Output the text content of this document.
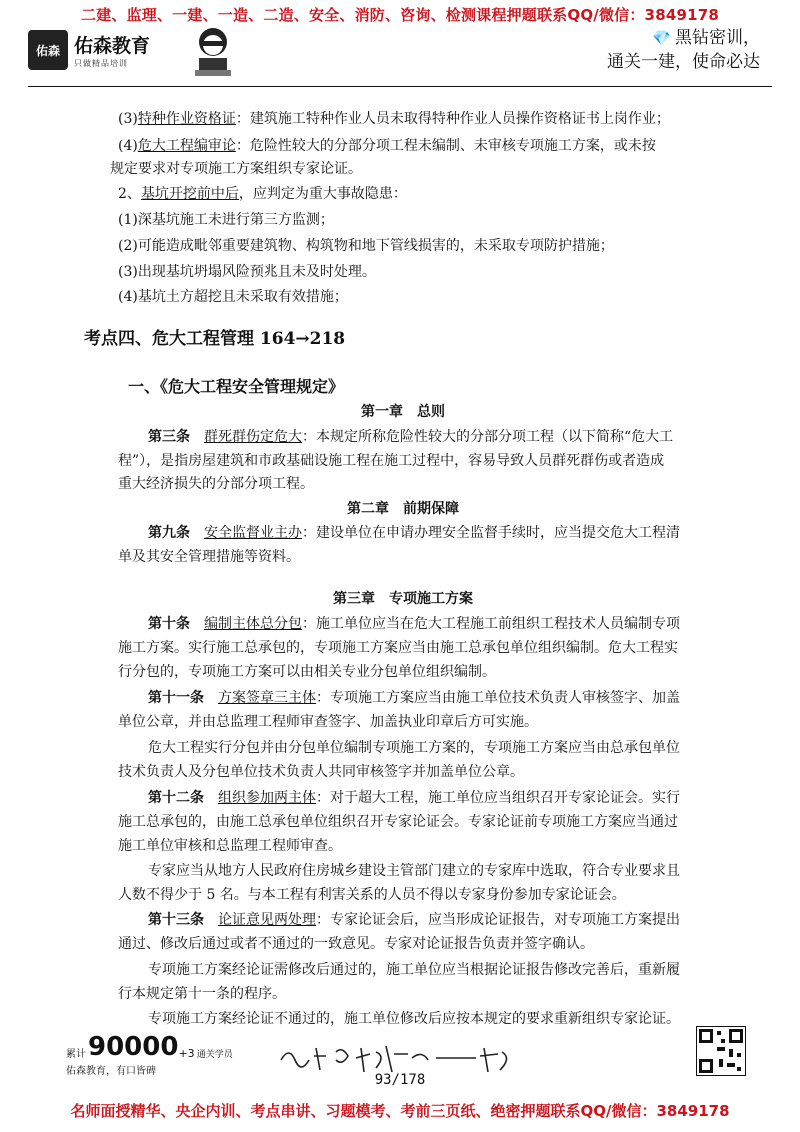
二建、监理、一建、一造、二造、安全、消防、咨询、检测课程押题联系QQ/微信：3849178
佑森 佑森教育
只做精品培训
💎 黑钻密训，
通关一建，使命必达
(3)特种作业资格证：建筑施工特种作业人员未取得特种作业人员操作资格证书上岗作业；
(4)危大工程编审论：危险性较大的分部分项工程未编制、未审核专项施工方案，或未按
规定要求对专项施工方案组织专家论证。
2、基坑开挖前中后，应判定为重大事故隐患：
(1)深基坑施工未进行第三方监测；
(2)可能造成毗邻重要建筑物、构筑物和地下管线损害的，未采取专项防护措施；
(3)出现基坑坍塌风险预兆且未及时处理。
(4)基坑土方超挖且未采取有效措施；
考点四、危大工程管理 164→218
一、《危大工程安全管理规定》
第一章　总则
第三条　 群死群伤定危大：本规定所称危险性较大的分部分项工程（以下简称“危大工
程”），是指房屋建筑和市政基础设施工程在施工过程中，容易导致人员群死群伤或者造成
重大经济损失的分部分项工程。
第二章　前期保障
第九条　 安全监督业主办：建设单位在申请办理安全监督手续时，应当提交危大工程清
单及其安全管理措施等资料。
第三章　专项施工方案
第十条　 编制主体总分包：施工单位应当在危大工程施工前组织工程技术人员编制专项
施工方案。实行施工总承包的，专项施工方案应当由施工总承包单位组织编制。危大工程实
行分包的，专项施工方案可以由相关专业分包单位组织编制。
第十一条　 方案签章三主体：专项施工方案应当由施工单位技术负责人审核签字、加盖
单位公章，并由总监理工程师审查签字、加盖执业印章后方可实施。
危大工程实行分包并由分包单位编制专项施工方案的，专项施工方案应当由总承包单位
技术负责人及分包单位技术负责人共同审核签字并加盖单位公章。
第十二条　 组织参加两主体：对于超大工程，施工单位应当组织召开专家论证会。实行
施工总承包的，由施工总承包单位组织召开专家论证会。专家论证前专项施工方案应当通过
施工单位审核和总监理工程师审查。
专家应当从地方人民政府住房城乡建设主管部门建立的专家库中选取，符合专业要求且
人数不得少于 5 名。与本工程有利害关系的人员不得以专家身份参加专家论证会。
第十三条　 论证意见两处理：专家论证会后，应当形成论证报告，对专项施工方案提出
通过、修改后通过或者不通过的一致意见。专家对论证报告负责并签字确认。
专项施工方案经论证需修改后通过的，施工单位应当根据论证报告修改完善后，重新履
行本规定第十一条的程序。
专项施工方案经论证不通过的，施工单位修改后应按本规定的要求重新组织专家论证。
累计 90000 +3 通关学员
佑森教育，有口皆碑
93/178
名师面授精华、央企内训、考点串讲、习题模考、考前三页纸、绝密押题联系QQ/微信：3849178
